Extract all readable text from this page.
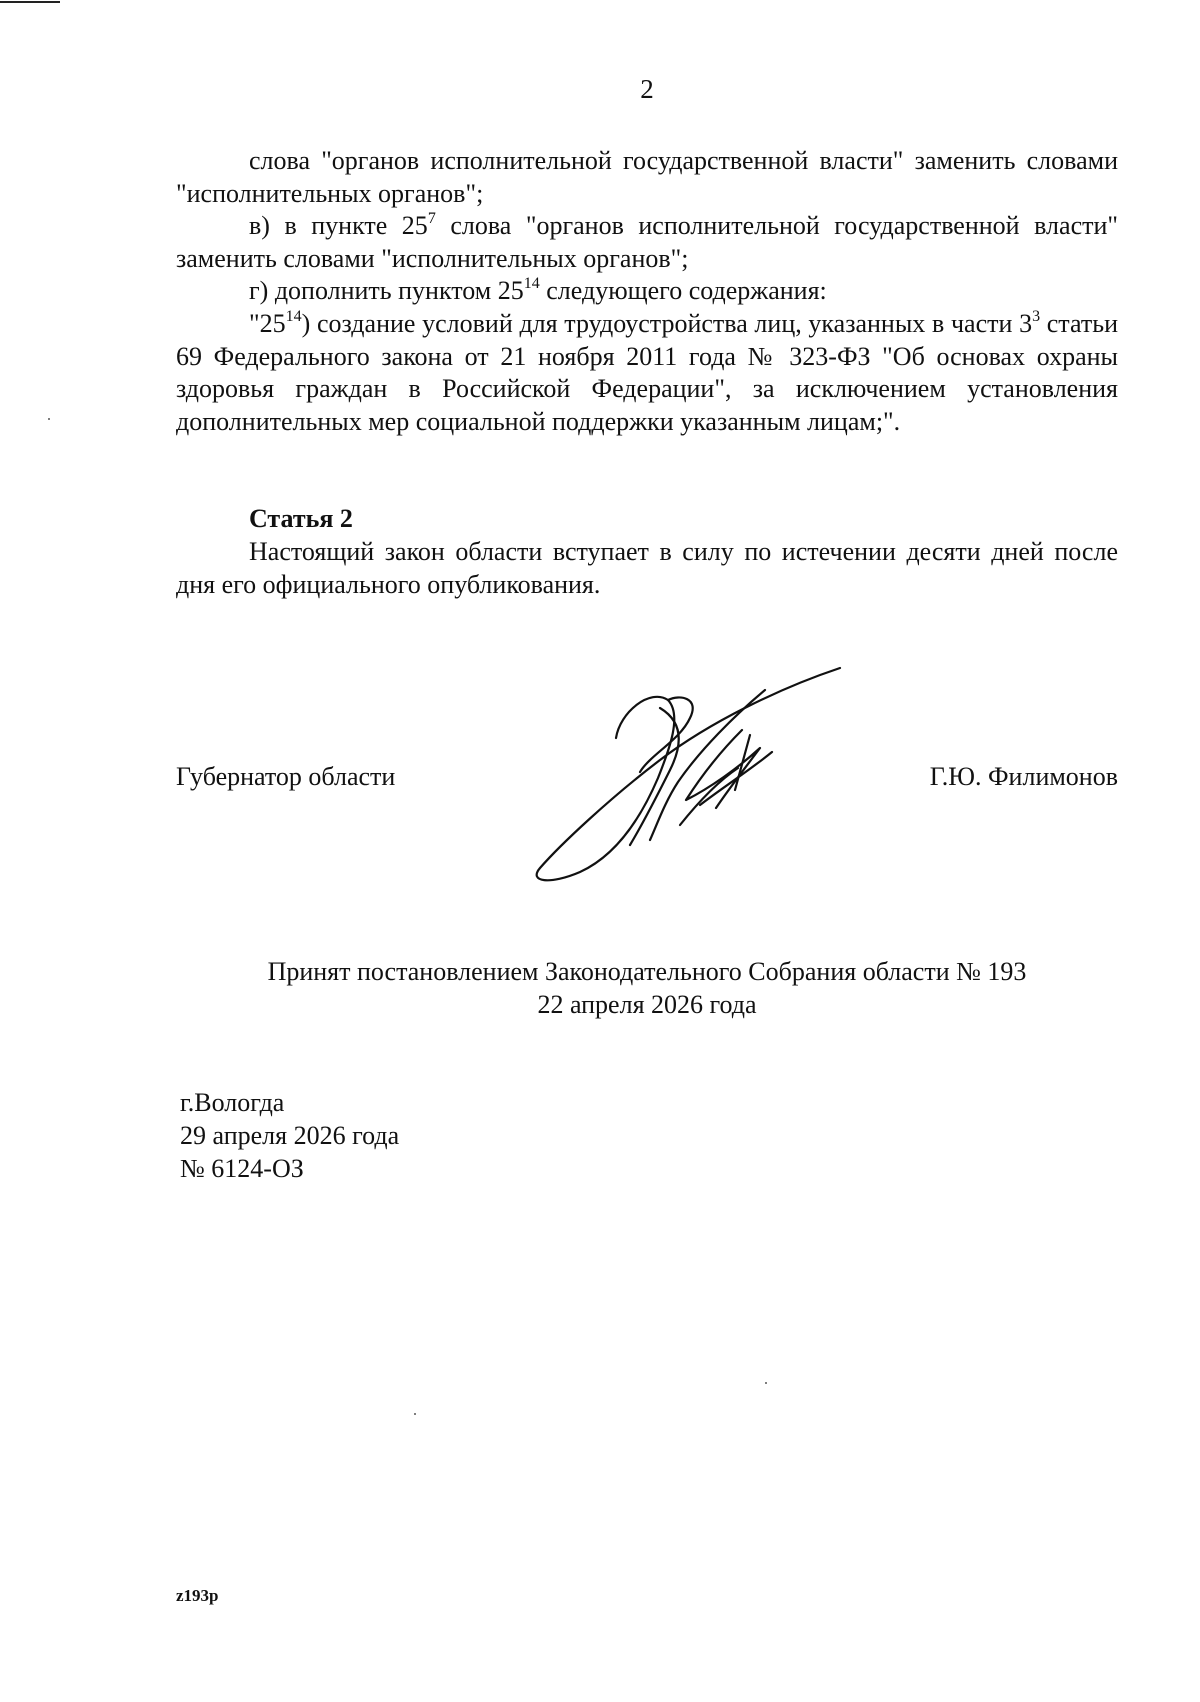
2

слова "органов исполнительной государственной власти" заменить словами "исполнительных органов";

в) в пункте $25^7$ слова "органов исполнительной государственной власти" заменить словами "исполнительных органов";

г) дополнить пунктом $25^{14}$ следующего содержания:

"$25^{14}$) создание условий для трудоустройства лиц, указанных в части $3^3$ статьи 69 Федерального закона от 21 ноября 2011 года № 323-ФЗ "Об основах охраны здоровья граждан в Российской Федерации", за исключением установления дополнительных мер социальной поддержки указанным лицам;".

Статья 2

Настоящий закон области вступает в силу по истечении десяти дней после дня его официального опубликования.

Губернатор области	Г.Ю. Филимонов
Принят постановлением Законодательного Собрания области № 193
22 апреля 2026 года
г.Вологда
29 апреля 2026 года
№ 6124-ОЗ
z193p
